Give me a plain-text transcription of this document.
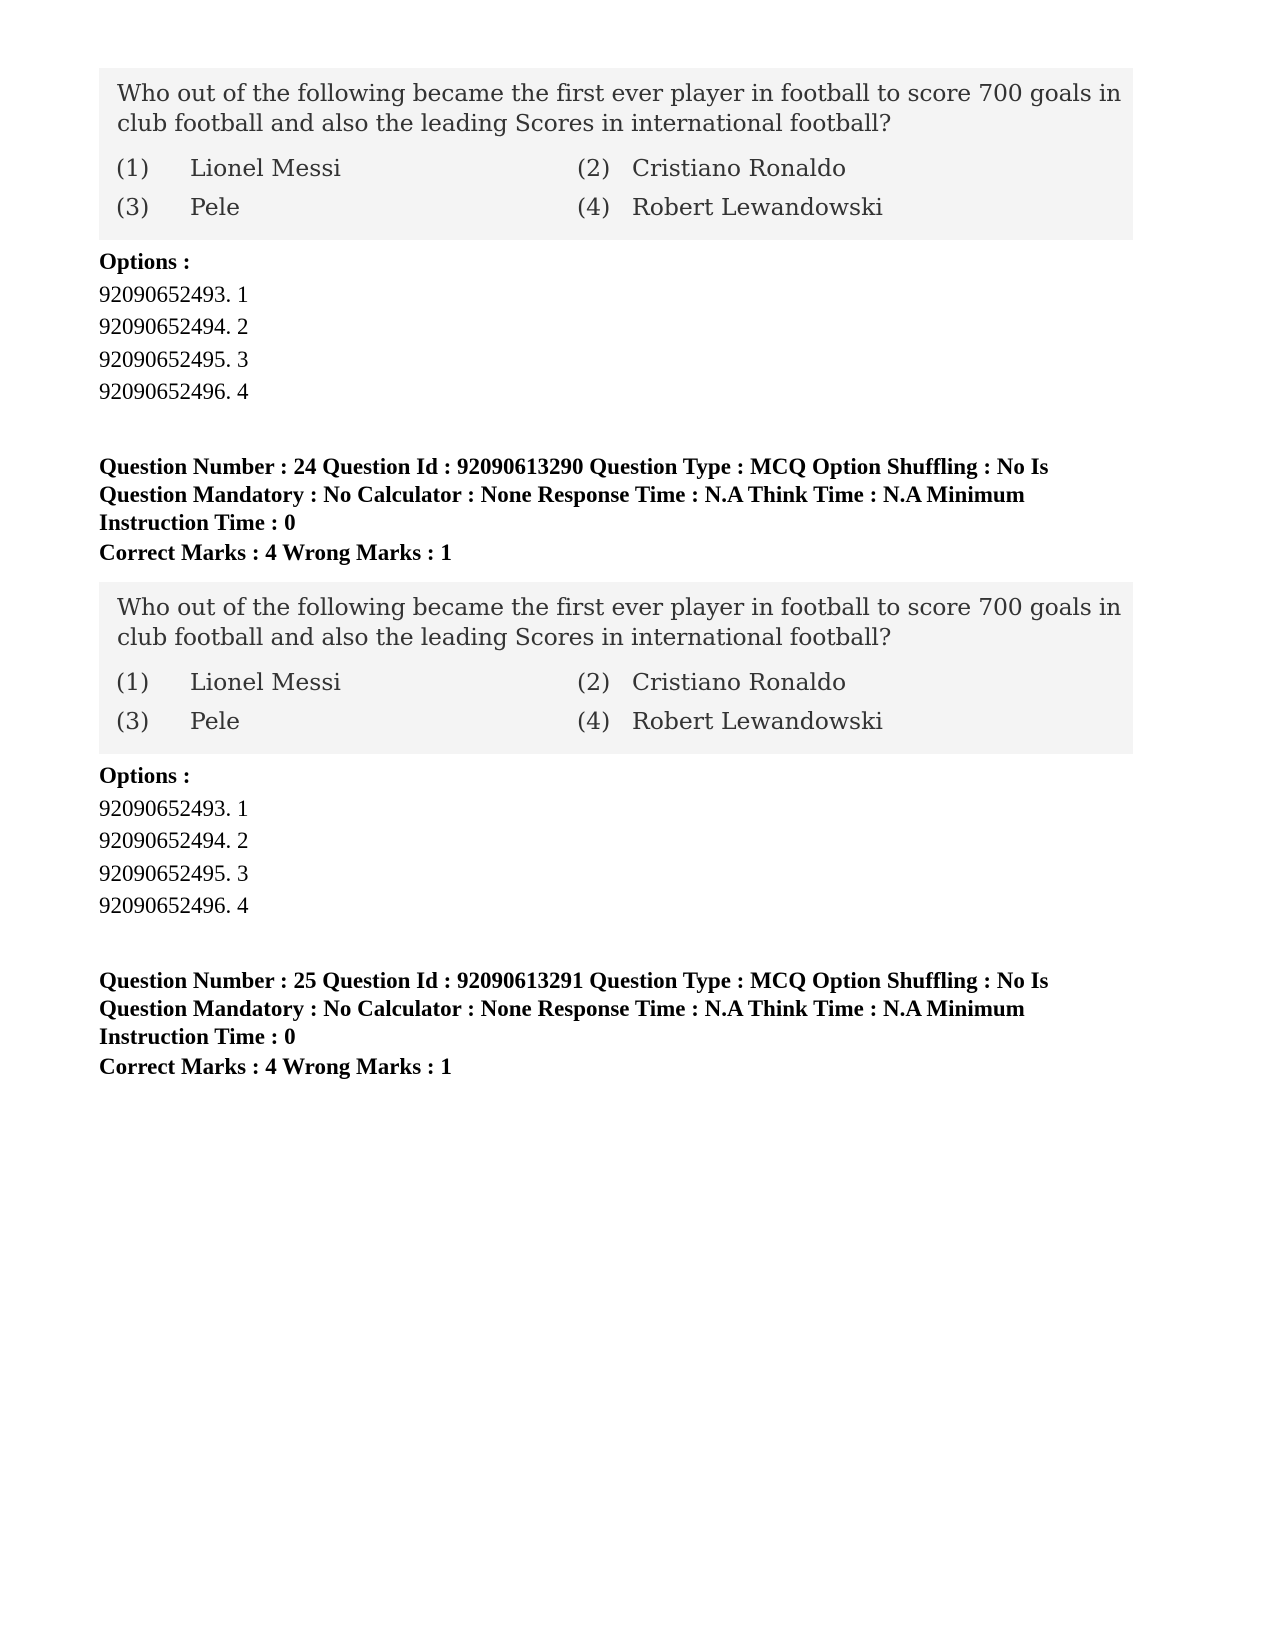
Who out of the following became the first ever player in football to score 700 goals in
club football and also the leading Scores in international football?
(1) Lionel Messi	(2) Cristiano Ronaldo
(3) Pele	(4) Robert Lewandowski
Options :
92090652493. 1
92090652494. 2
92090652495. 3
92090652496. 4
Question Number : 24 Question Id : 92090613290 Question Type : MCQ Option Shuffling : No Is
Question Mandatory : No Calculator : None Response Time : N.A Think Time : N.A Minimum
Instruction Time : 0
Correct Marks : 4 Wrong Marks : 1
Who out of the following became the first ever player in football to score 700 goals in
club football and also the leading Scores in international football?
(1) Lionel Messi	(2) Cristiano Ronaldo
(3) Pele	(4) Robert Lewandowski
Options :
92090652493. 1
92090652494. 2
92090652495. 3
92090652496. 4
Question Number : 25 Question Id : 92090613291 Question Type : MCQ Option Shuffling : No Is
Question Mandatory : No Calculator : None Response Time : N.A Think Time : N.A Minimum
Instruction Time : 0
Correct Marks : 4 Wrong Marks : 1
